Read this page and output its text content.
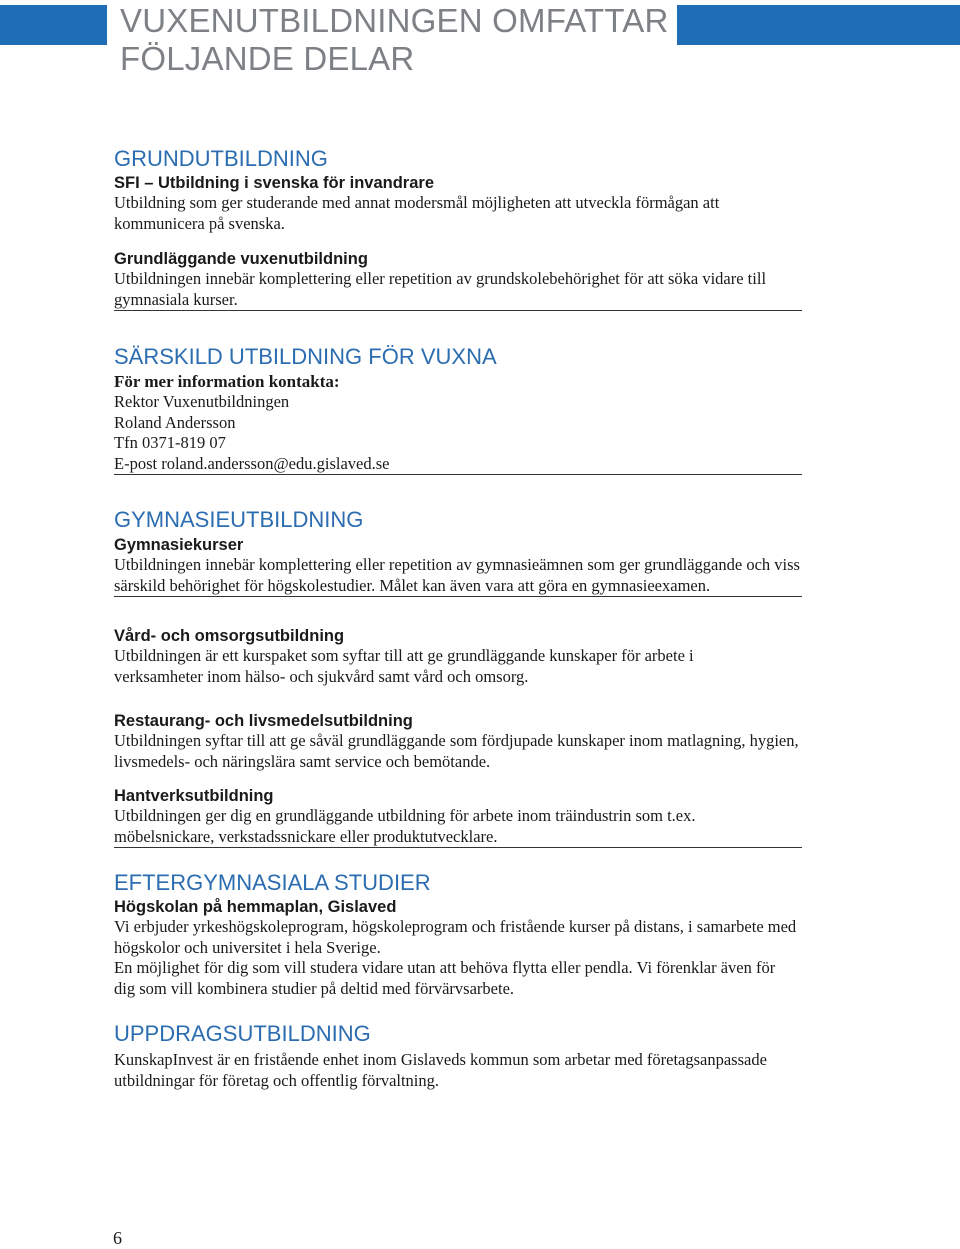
VUXENUTBILDNINGEN OMFATTAR FÖLJANDE DELAR
GRUNDUTBILDNING

SFI – Utbildning i svenska för invandrare

Utbildning som ger studerande med annat modersmål möjligheten att utveckla förmågan att kommunicera på svenska.

Grundläggande vuxenutbildning

Utbildningen innebär komplettering eller repetition av grundskolebehörighet för att söka vidare till gymnasiala kurser.

SÄRSKILD UTBILDNING FÖR VUXNA

För mer information kontakta:

Rektor Vuxenutbildningen

Roland Andersson

Tfn 0371-819 07

E-post roland.andersson@edu.gislaved.se

GYMNASIEUTBILDNING

Gymnasiekurser

Utbildningen innebär komplettering eller repetition av gymnasieämnen som ger grundläggande och viss särskild behörighet för högskolestudier. Målet kan även vara att göra en gymnasieexamen.

Vård- och omsorgsutbildning

Utbildningen är ett kurspaket som syftar till att ge grundläggande kunskaper för arbete i verksamheter inom hälso- och sjukvård samt vård och omsorg.

Restaurang- och livsmedelsutbildning

Utbildningen syftar till att ge såväl grundläggande som fördjupade kunskaper inom matlagning, hygien, livsmedels- och näringslära samt service och bemötande.

Hantverksutbildning

Utbildningen ger dig en grundläggande utbildning för arbete inom träindustrin som t.ex. möbelsnickare, verkstadssnickare eller produktutvecklare.

EFTERGYMNASIALA STUDIER

Högskolan på hemmaplan, Gislaved

Vi erbjuder yrkeshögskoleprogram, högskoleprogram och fristående kurser på distans, i samarbete med högskolor och universitet i hela Sverige.

En möjlighet för dig som vill studera vidare utan att behöva flytta eller pendla. Vi förenklar även för dig som vill kombinera studier på deltid med förvärvsarbete.

UPPDRAGSUTBILDNING

KunskapInvest är en fristående enhet inom Gislaveds kommun som arbetar med företagsanpassade utbildningar för företag och offentlig förvaltning.

6
